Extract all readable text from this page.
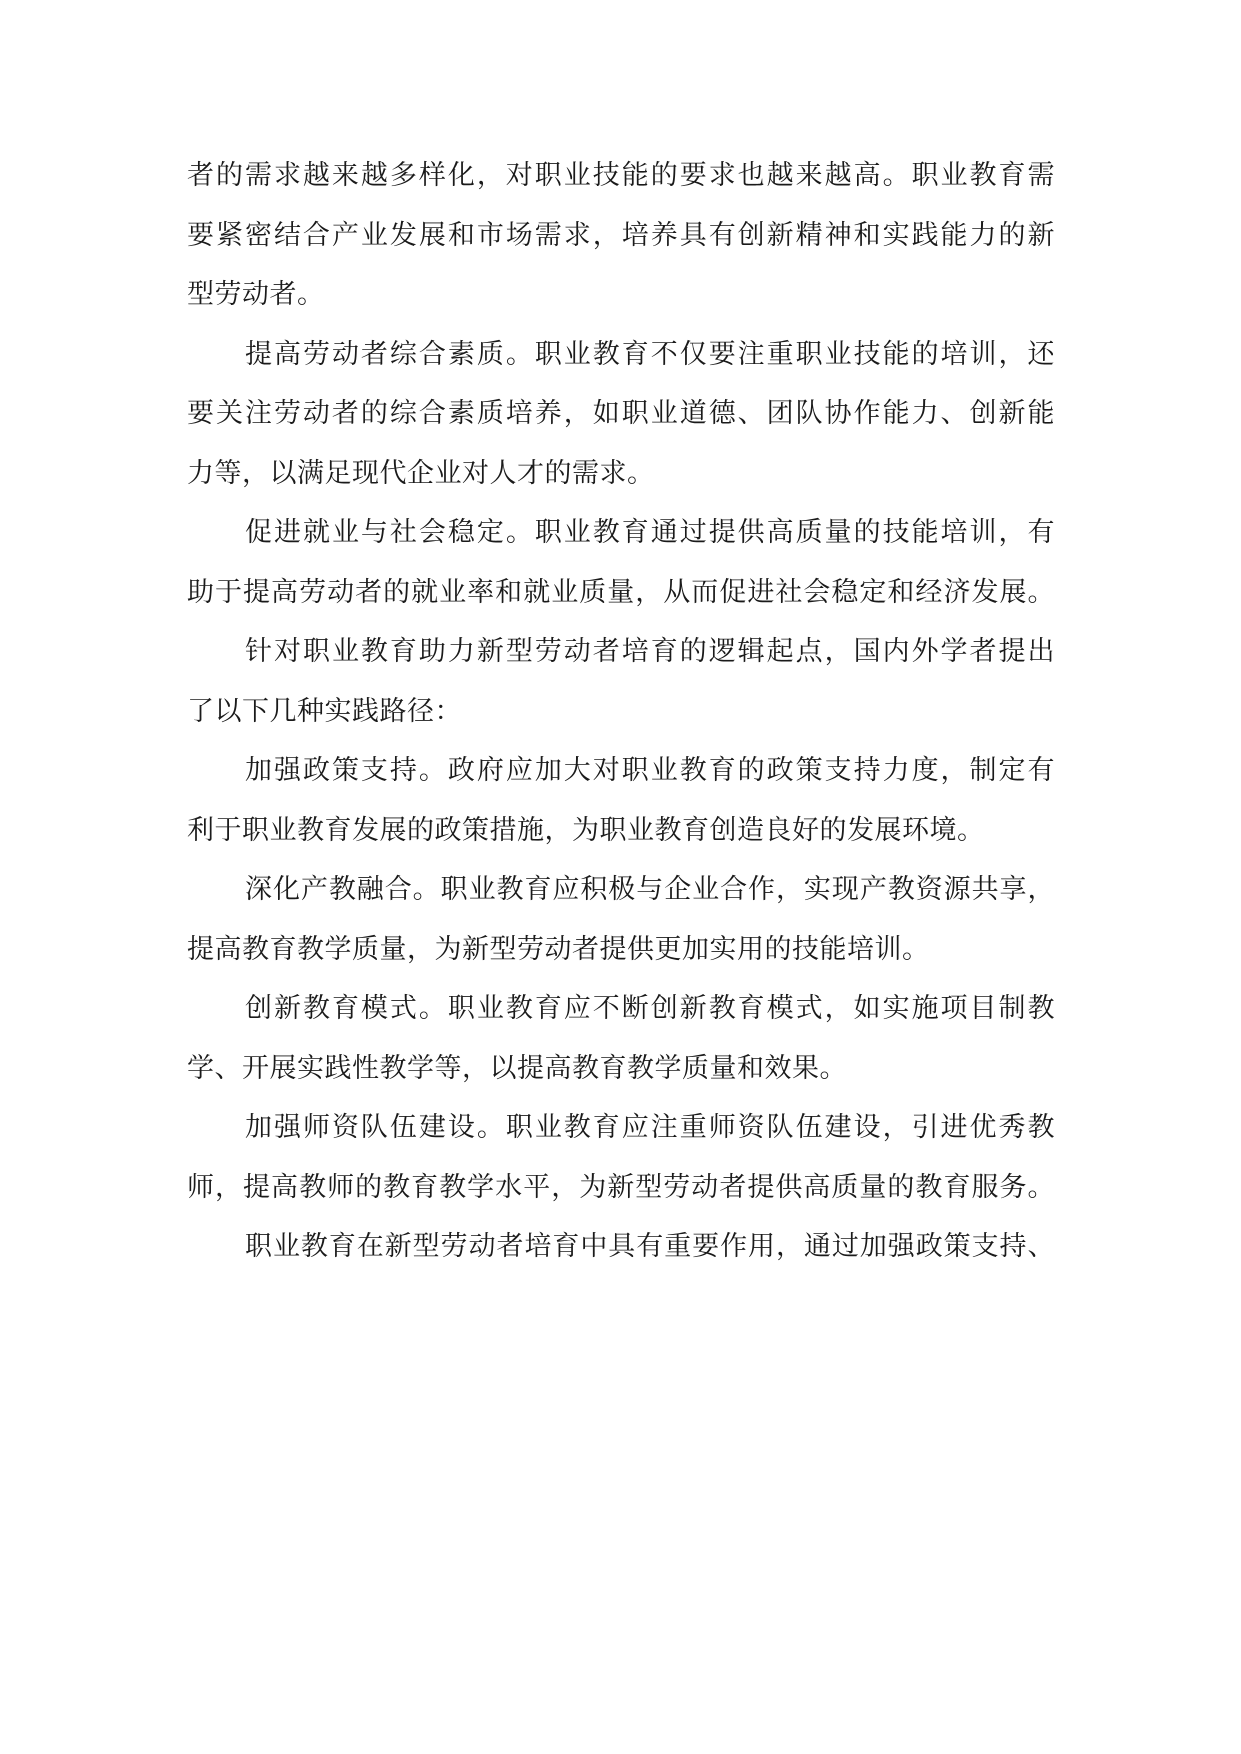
者的需求越来越多样化，对职业技能的要求也越来越高。职业教育需
要紧密结合产业发展和市场需求，培养具有创新精神和实践能力的新
型劳动者。

提高劳动者综合素质。职业教育不仅要注重职业技能的培训，还
要关注劳动者的综合素质培养，如职业道德、团队协作能力、创新能
力等，以满足现代企业对人才的需求。

促进就业与社会稳定。职业教育通过提供高质量的技能培训，有
助于提高劳动者的就业率和就业质量，从而促进社会稳定和经济发展。

针对职业教育助力新型劳动者培育的逻辑起点，国内外学者提出
了以下几种实践路径：

加强政策支持。政府应加大对职业教育的政策支持力度，制定有
利于职业教育发展的政策措施，为职业教育创造良好的发展环境。

深化产教融合。职业教育应积极与企业合作，实现产教资源共享，
提高教育教学质量，为新型劳动者提供更加实用的技能培训。

创新教育模式。职业教育应不断创新教育模式，如实施项目制教
学、开展实践性教学等，以提高教育教学质量和效果。

加强师资队伍建设。职业教育应注重师资队伍建设，引进优秀教
师，提高教师的教育教学水平，为新型劳动者提供高质量的教育服务。

职业教育在新型劳动者培育中具有重要作用，通过加强政策支持、
